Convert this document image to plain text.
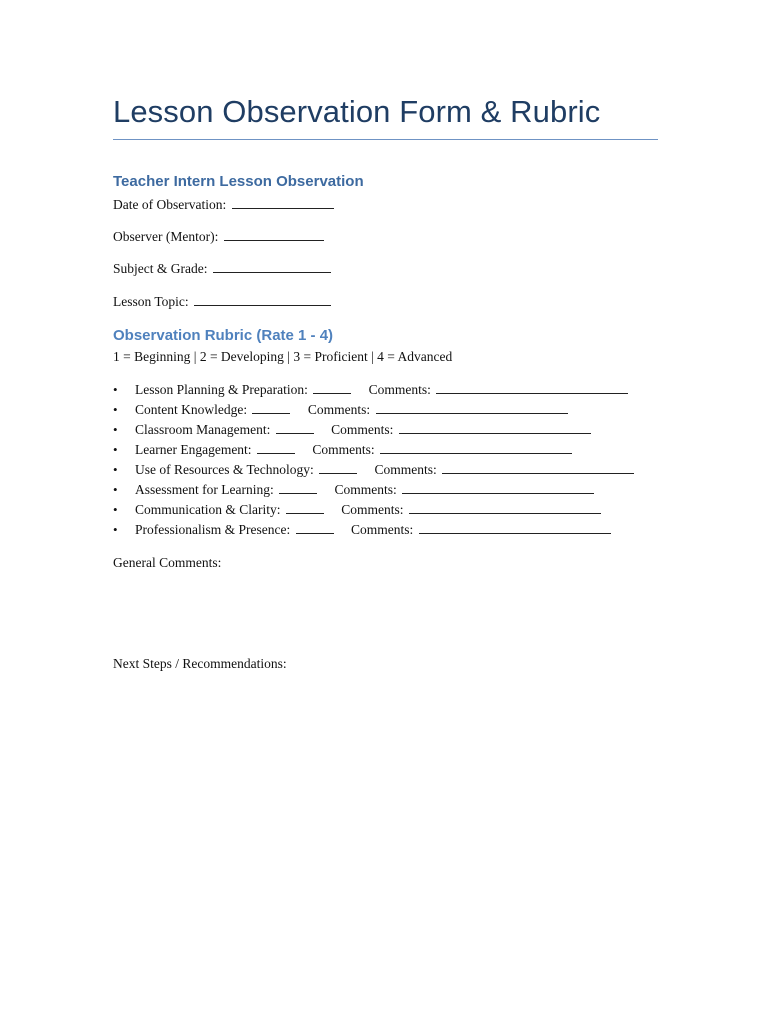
Lesson Observation Form & Rubric
Teacher Intern Lesson Observation
Date of Observation:
Observer (Mentor):
Subject & Grade:
Lesson Topic:
Observation Rubric (Rate 1 - 4)
1 = Beginning | 2 = Developing | 3 = Proficient | 4 = Advanced
• Lesson Planning & Preparation:	Comments:
• Content Knowledge:	Comments:
• Classroom Management:	Comments:
• Learner Engagement:	Comments:
• Use of Resources & Technology:	Comments:
• Assessment for Learning:	Comments:
• Communication & Clarity:	Comments:
• Professionalism & Presence:	Comments:
General Comments:
Next Steps / Recommendations:
